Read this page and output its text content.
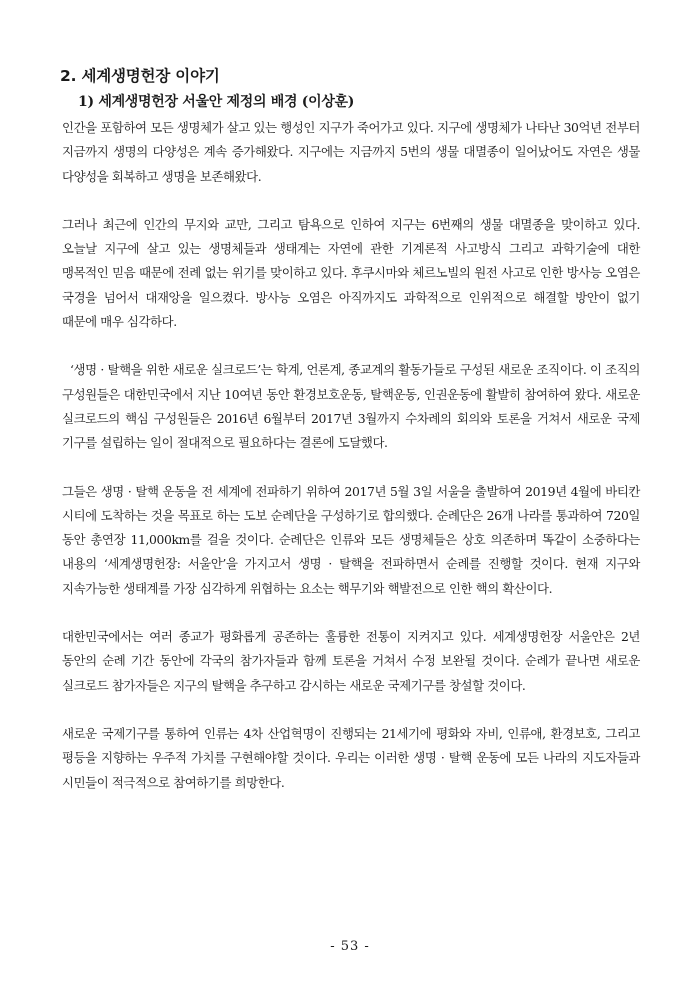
2. 세계생명헌장 이야기
1) 세계생명헌장 서울안 제정의 배경 (이상훈)

인간을 포함하여 모든 생명체가 살고 있는 행성인 지구가 죽어가고 있다. 지구에 생명체가 나타난 30억년 전부터 지금까지 생명의 다양성은 계속 증가해왔다. 지구에는 지금까지 5번의 생물 대멸종이 일어났어도 자연은 생물 다양성을 회복하고 생명을 보존해왔다.

그러나 최근에 인간의 무지와 교만, 그리고 탐욕으로 인하여 지구는 6번째의 생물 대멸종을 맞이하고 있다. 오늘날 지구에 살고 있는 생명체들과 생태계는 자연에 관한 기계론적 사고방식 그리고 과학기술에 대한 맹목적인 믿음 때문에 전례 없는 위기를 맞이하고 있다. 후쿠시마와 체르노빌의 원전 사고로 인한 방사능 오염은 국경을 넘어서 대재앙을 일으켰다. 방사능 오염은 아직까지도 과학적으로 인위적으로 해결할 방안이 없기 때문에 매우 심각하다.

‘생명 · 탈핵을 위한 새로운 실크로드’는 학계, 언론계, 종교계의 활동가들로 구성된 새로운 조직이다. 이 조직의 구성원들은 대한민국에서 지난 10여년 동안 환경보호운동, 탈핵운동, 인권운동에 활발히 참여하여 왔다. 새로운 실크로드의 핵심 구성원들은 2016년 6월부터 2017년 3월까지 수차례의 회의와 토론을 거쳐서 새로운 국제 기구를 설립하는 일이 절대적으로 필요하다는 결론에 도달했다.

그들은 생명 · 탈핵 운동을 전 세계에 전파하기 위하여 2017년 5월 3일 서울을 출발하여 2019년 4월에 바티칸 시티에 도착하는 것을 목표로 하는 도보 순례단을 구성하기로 합의했다. 순례단은 26개 나라를 통과하여 720일 동안 총연장 11,000km를 걸을 것이다. 순례단은 인류와 모든 생명체들은 상호 의존하며 똑같이 소중하다는 내용의 ‘세계생명헌장: 서울안’을 가지고서 생명 · 탈핵을 전파하면서 순례를 진행할 것이다. 현재 지구와 지속가능한 생태계를 가장 심각하게 위협하는 요소는 핵무기와 핵발전으로 인한 핵의 확산이다.

대한민국에서는 여러 종교가 평화롭게 공존하는 훌륭한 전통이 지켜지고 있다. 세계생명헌장 서울안은 2년 동안의 순례 기간 동안에 각국의 참가자들과 함께 토론을 거쳐서 수정 보완될 것이다. 순례가 끝나면 새로운 실크로드 참가자들은 지구의 탈핵을 추구하고 감시하는 새로운 국제기구를 창설할 것이다.

새로운 국제기구를 통하여 인류는 4차 산업혁명이 진행되는 21세기에 평화와 자비, 인류애, 환경보호, 그리고 평등을 지향하는 우주적 가치를 구현해야할 것이다. 우리는 이러한 생명 · 탈핵 운동에 모든 나라의 지도자들과 시민들이 적극적으로 참여하기를 희망한다.

- 53 -
